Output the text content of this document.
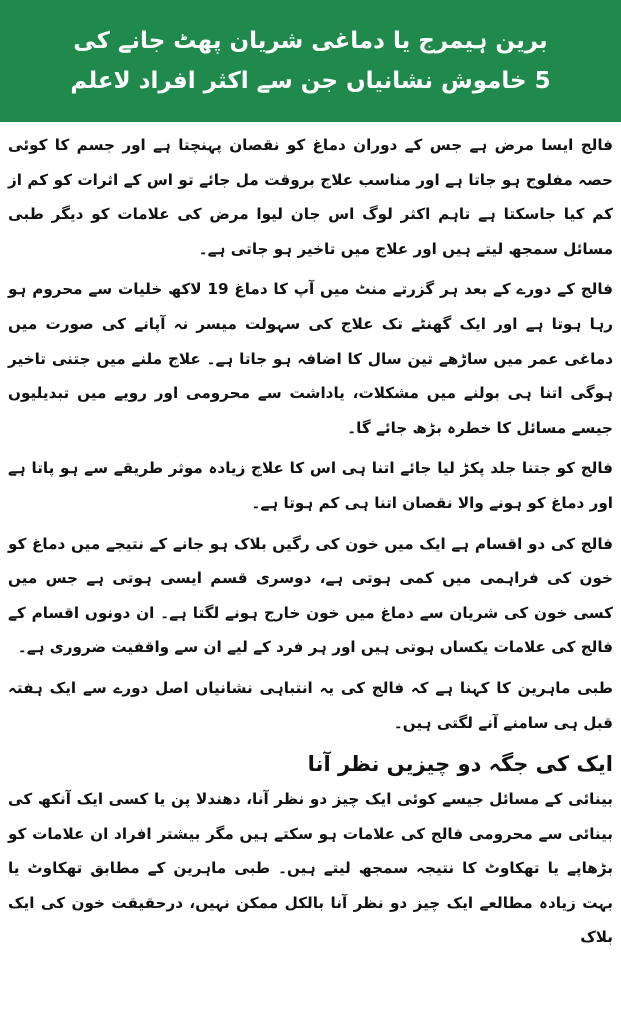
برین ہیمرج یا دماغی شریان پھٹ جانے کی
5 خاموش نشانیاں جن سے اکثر افراد لاعلم

فالج ایسا مرض ہے جس کے دوران دماغ کو نقصان پہنچتا ہے اور جسم کا کوئی حصہ مفلوج ہو جاتا ہے اور مناسب علاج بروقت مل جائے تو اس کے اثرات کو کم از کم کیا جاسکتا ہے تاہم اکثر لوگ اس جان لیوا مرض کی علامات کو دیگر طبی مسائل سمجھ لیتے ہیں اور علاج میں تاخیر ہو جاتی ہے۔

فالج کے دورے کے بعد ہر گزرتے منٹ میں آپ کا دماغ 19 لاکھ خلیات سے محروم ہو رہا ہوتا ہے اور ایک گھنٹے تک علاج کی سہولت میسر نہ آپانے کی صورت میں دماغی عمر میں ساڑھے تین سال کا اضافہ ہو جاتا ہے۔ علاج ملنے میں جتنی تاخیر ہوگی اتنا ہی بولنے میں مشکلات، یاداشت سے محرومی اور رویے میں تبدیلیوں جیسے مسائل کا خطرہ بڑھ جائے گا۔

فالج کو جتنا جلد پکڑ لیا جائے اتنا ہی اس کا علاج زیادہ موثر طریقے سے ہو پاتا ہے اور دماغ کو ہونے والا نقصان اتنا ہی کم ہوتا ہے۔

فالج کی دو اقسام ہے ایک میں خون کی رگیں بلاک ہو جانے کے نتیجے میں دماغ کو خون کی فراہمی میں کمی ہوتی ہے، دوسری قسم ایسی ہوتی ہے جس میں کسی خون کی شریان سے دماغ میں خون خارج ہونے لگتا ہے۔ ان دونوں اقسام کے فالج کی علامات یکساں ہوتی ہیں اور ہر فرد کے لیے ان سے واقفیت ضروری ہے۔

طبی ماہرین کا کہنا ہے کہ فالج کی یہ انتباہی نشانیاں اصل دورے سے ایک ہفتہ قبل ہی سامنے آنے لگتی ہیں۔

ایک کی جگہ دو چیزیں نظر آنا

بینائی کے مسائل جیسے کوئی ایک چیز دو نظر آنا، دھندلا پن یا کسی ایک آنکھ کی بینائی سے محرومی فالج کی علامات ہو سکتے ہیں مگر بیشتر افراد ان علامات کو بڑھاپے یا تھکاوٹ کا نتیجہ سمجھ لیتے ہیں۔ طبی ماہرین کے مطابق تھکاوٹ یا بہت زیادہ مطالعے ایک چیز دو نظر آنا بالکل ممکن نہیں، درحقیقت خون کی ایک بلاک
